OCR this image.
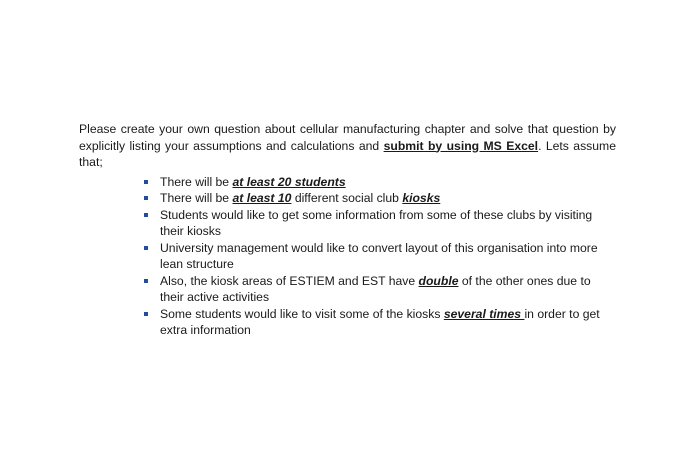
Please create your own question about cellular manufacturing chapter and solve that question by explicitly listing your assumptions and calculations and submit by using MS Excel. Lets assume that;

There will be at least 20 students
There will be at least 10 different social club kiosks
Students would like to get some information from some of these clubs by visiting their kiosks
University management would like to convert layout of this organisation into more lean structure
Also, the kiosk areas of ESTIEM and EST have double of the other ones due to their active activities
Some students would like to visit some of the kiosks several times in order to get extra information
